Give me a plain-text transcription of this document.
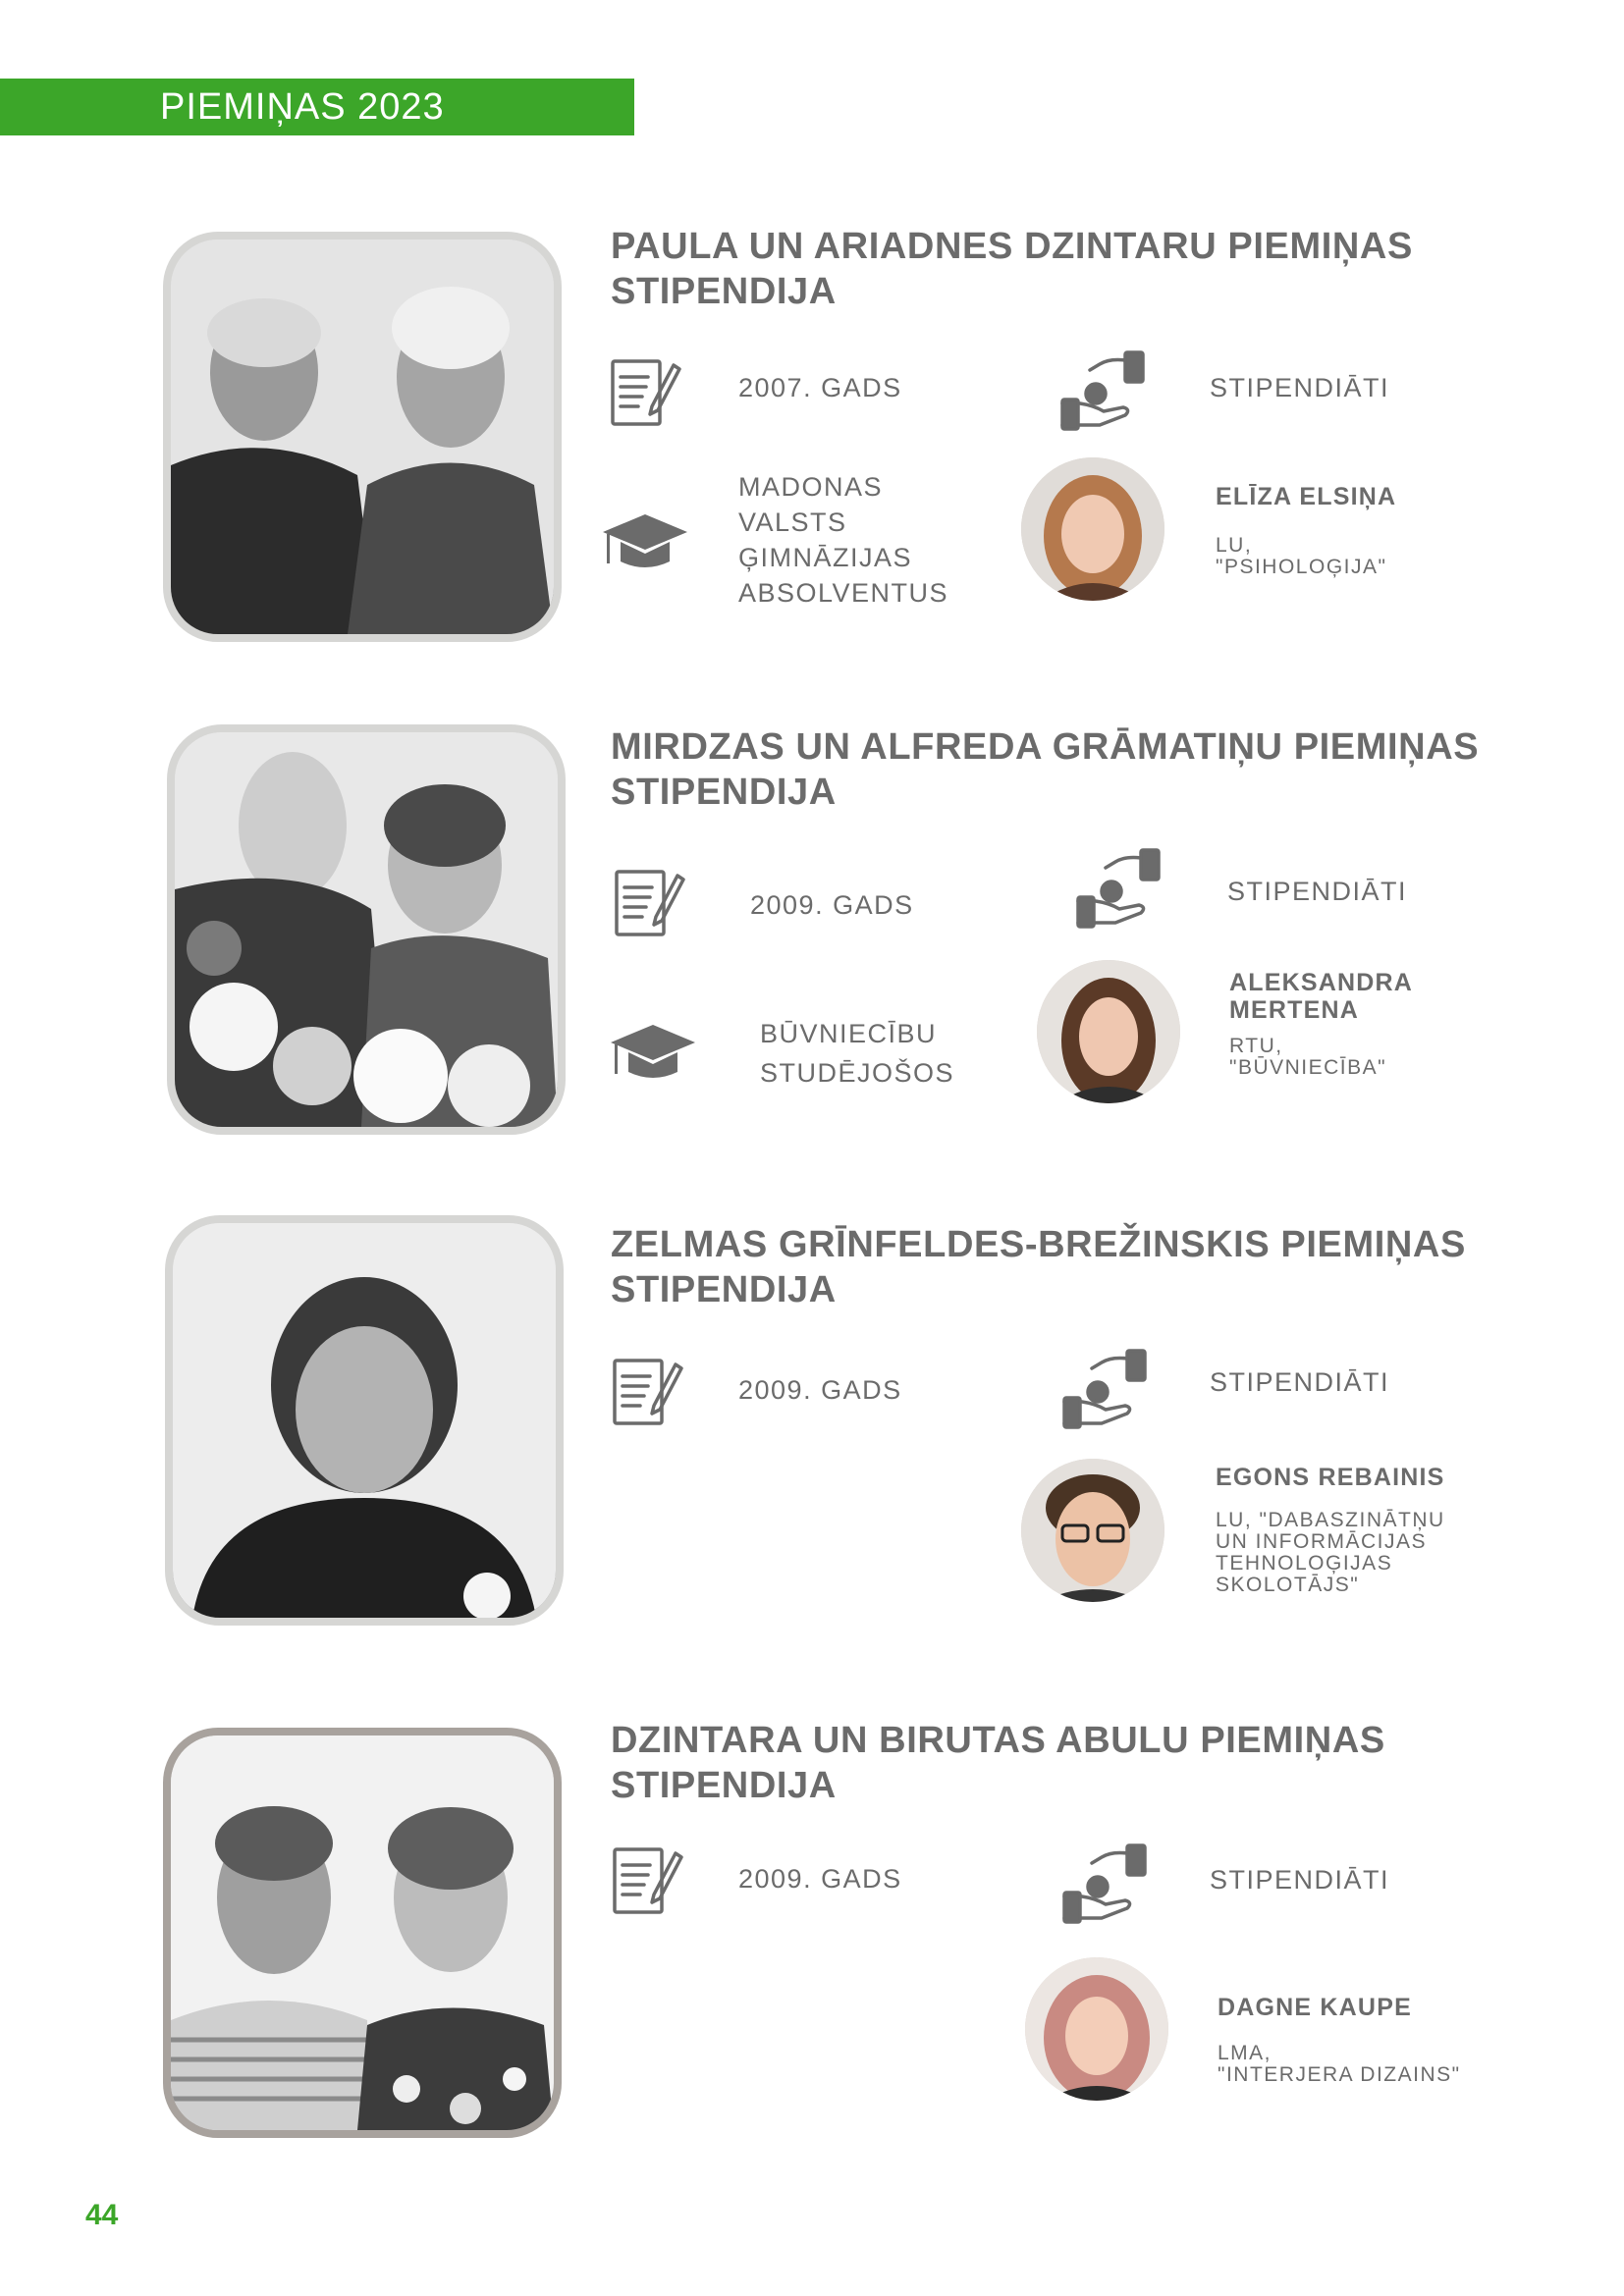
PIEMIŅAS 2023
PAULA UN ARIADNES DZINTARU PIEMIŅAS STIPENDIJA
2007. GADS	STIPENDIĀTI
MADONAS
VALSTS
ĢIMNĀZIJAS
ABSOLVENTUS
ELĪZA ELSIŅA
LU,
"PSIHOLOĢIJA"
MIRDZAS UN ALFREDA GRĀMATIŅU PIEMIŅAS STIPENDIJA
2009. GADS	STIPENDIĀTI
BŪVNIECĪBU
STUDĒJOŠOS
ALEKSANDRA
MERTENA
RTU,
"BŪVNIECĪBA"
ZELMAS GRĪNFELDES-BREŽINSKIS PIEMIŅAS STIPENDIJA
2009. GADS	STIPENDIĀTI
EGONS REBAINIS
LU, "DABASZINĀTŅU
UN INFORMĀCIJAS
TEHNOLOĢIJAS
SKOLOTĀJS"
DZINTARA UN BIRUTAS ABULU PIEMIŅAS STIPENDIJA
2009. GADS	STIPENDIĀTI
DAGNE KAUPE
LMA,
"INTERJERA DIZAINS"
44
